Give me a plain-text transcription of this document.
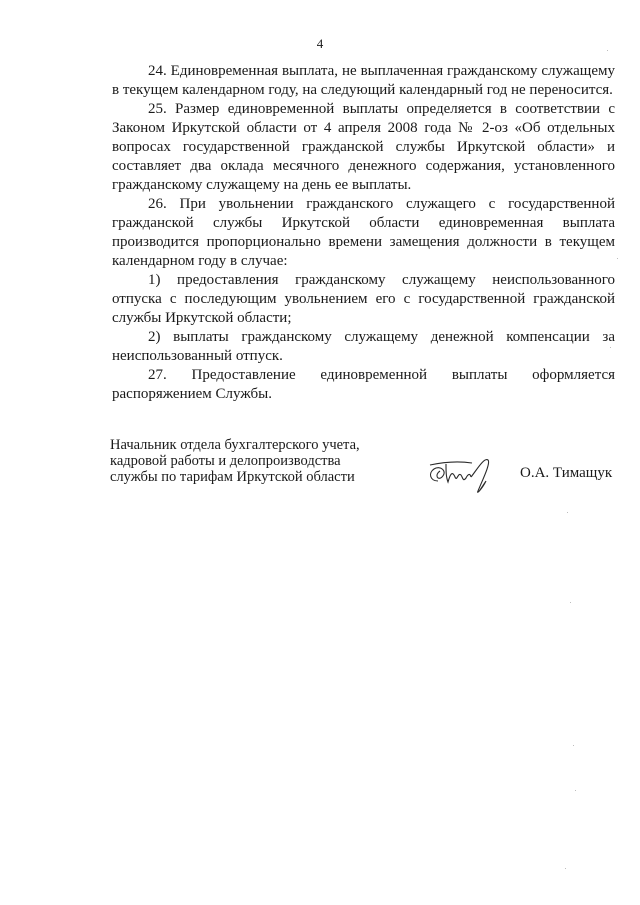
4

24. Единовременная выплата, не выплаченная гражданскому служащему в текущем календарном году, на следующий календарный год не переносится.

25. Размер единовременной выплаты определяется в соответствии с Законом Иркутской области от 4 апреля 2008 года № 2-оз «Об отдельных вопросах государственной гражданской службы Иркутской области» и составляет два оклада месячного денежного содержания, установленного гражданскому служащему на день ее выплаты.

26. При увольнении гражданского служащего с государственной гражданской службы Иркутской области единовременная выплата производится пропорционально времени замещения должности в текущем календарном году в случае:

1) предоставления гражданскому служащему неиспользованного отпуска с последующим увольнением его с государственной гражданской службы Иркутской области;

2) выплаты гражданскому служащему денежной компенсации за неиспользованный отпуск.

27. Предоставление единовременной выплаты оформляется распоряжением Службы.

Начальник отдела бухгалтерского учета,
кадровой работы и делопроизводства
службы по тарифам Иркутской области	О.А. Тимащук
